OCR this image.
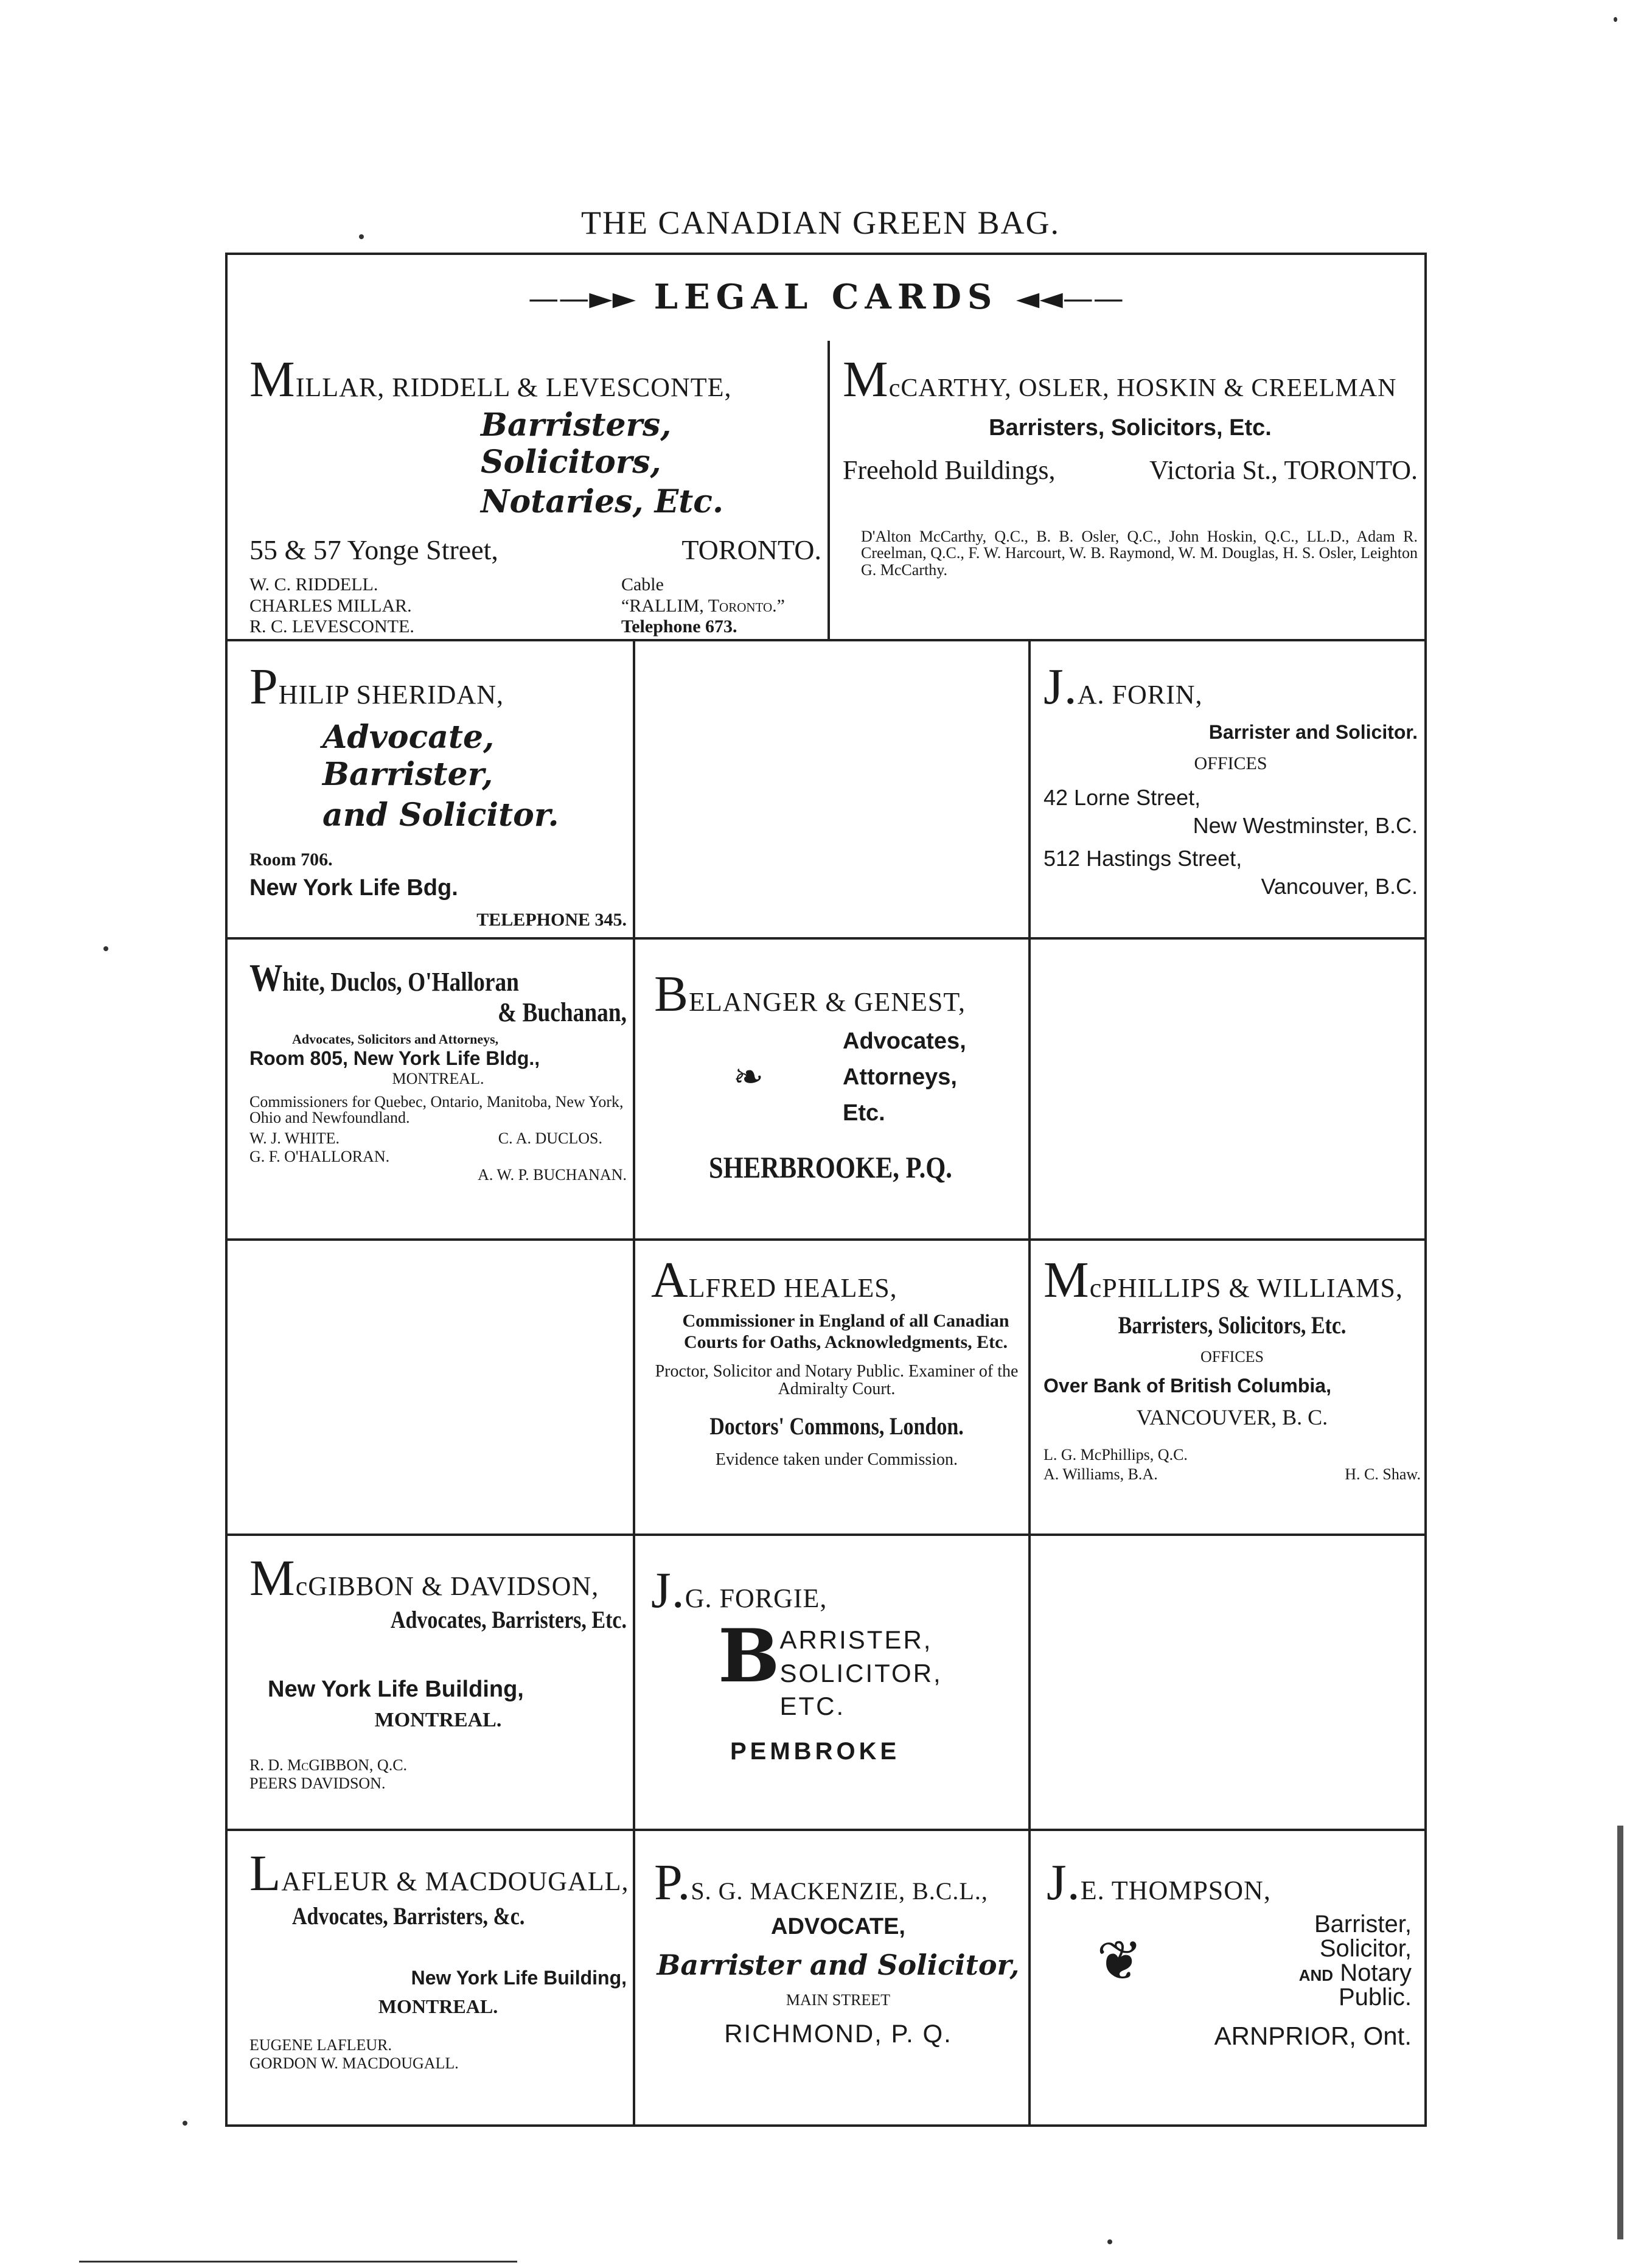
THE CANADIAN GREEN BAG.
——►► LEGAL CARDS ◄◄——
MILLAR, RIDDELL & LEVESCONTE,
Barristers, Solicitors,
Notaries, Etc.
55 & 57 Yonge Street,	TORONTO.
W. C. RIDDELL.
CHARLES MILLAR.
R. C. LEVESCONTE.
Cable
“RALLIM, Toronto.”
Telephone 673.
McCARTHY, OSLER, HOSKIN & CREELMAN
Barristers, Solicitors, Etc.
Freehold Buildings,	Victoria St., TORONTO.
D'Alton McCarthy, Q.C., B. B. Osler, Q.C., John Hoskin, Q.C., LL.D., Adam R. Creelman, Q.C., F. W. Harcourt, W. B. Raymond, W. M. Douglas, H. S. Osler, Leighton G. McCarthy.
PHILIP SHERIDAN,
Advocate, Barrister,
and Solicitor.
Room 706.
New York Life Bdg.
TELEPHONE 345.
J.A. FORIN,
Barrister and Solicitor.
OFFICES
42 Lorne Street,
New Westminster, B.C.
512 Hastings Street,
Vancouver, B.C.
White, Duclos, O'Halloran
& Buchanan,
Advocates, Solicitors and Attorneys,
Room 805, New York Life Bldg.,
MONTREAL.
Commissioners for Quebec, Ontario, Manitoba, New York, Ohio and Newfoundland.
W. J. WHITE.	C. A. DUCLOS.
G. F. O'HALLORAN.
A. W. P. BUCHANAN.
BELANGER & GENEST,
❧
Advocates,
Attorneys,
Etc.
SHERBROOKE, P.Q.
ALFRED HEALES,
Commissioner in England of all Canadian Courts for Oaths, Acknowledgments, Etc.
Proctor, Solicitor and Notary Public. Examiner of the Admiralty Court.
Doctors' Commons, London.
Evidence taken under Commission.
McPHILLIPS & WILLIAMS,
Barristers, Solicitors, Etc.
OFFICES
Over Bank of British Columbia,
VANCOUVER, B. C.
L. G. McPhillips, Q.C.
A. Williams, B.A.	H. C. Shaw.
McGIBBON & DAVIDSON,
Advocates, Barristers, Etc.
New York Life Building,
MONTREAL.
R. D. McGIBBON, Q.C.
PEERS DAVIDSON.
J.G. FORGIE,
B ARRISTER,
SOLICITOR,
ETC.
PEMBROKE
LAFLEUR & MACDOUGALL,
Advocates, Barristers, &c.
New York Life Building,
MONTREAL.
EUGENE LAFLEUR.
GORDON W. MACDOUGALL.
P.S. G. MACKENZIE, B.C.L.,
ADVOCATE,
Barrister and Solicitor,
MAIN STREET
RICHMOND, P. Q.
J.E. THOMPSON,
❦
Barrister,
Solicitor,
AND Notary
Public.
ARNPRIOR, Ont.
